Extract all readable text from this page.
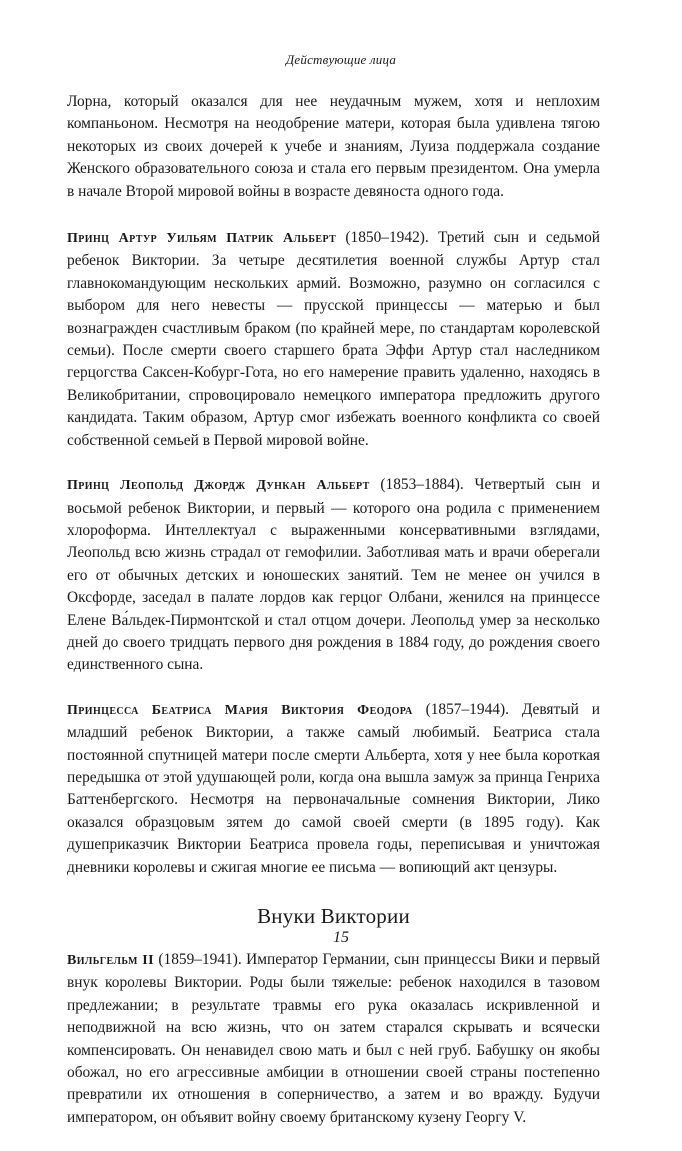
Действующие лица

Лорна, который оказался для нее неудачным мужем, хотя и неплохим компаньоном. Несмотря на неодобрение матери, которая была удивлена тягою некоторых из своих дочерей к учебе и знаниям, Луиза поддержала создание Женского образовательного союза и стала его первым президентом. Она умерла в начале Второй мировой войны в возрасте девяноста одного года.

Принц Артур Уильям Патрик Альберт (1850–1942). Третий сын и седьмой ребенок Виктории. За четыре десятилетия военной службы Артур стал главнокомандующим нескольких армий. Возможно, разумно он согласился с выбором для него невесты — прусской принцессы — матерью и был вознагражден счастливым браком (по крайней мере, по стандартам королевской семьи). После смерти своего старшего брата Эффи Артур стал наследником герцогства Саксен-Кобург-Гота, но его намерение править удаленно, находясь в Великобритании, спровоцировало немецкого императора предложить другого кандидата. Таким образом, Артур смог избежать военного конфликта со своей собственной семьей в Первой мировой войне.

Принц Леопольд Джордж Дункан Альберт (1853–1884). Четвертый сын и восьмой ребенок Виктории, и первый — которого она родила с применением хлороформа. Интеллектуал с выраженными консервативными взглядами, Леопольд всю жизнь страдал от гемофилии. Заботливая мать и врачи оберегали его от обычных детских и юношеских занятий. Тем не менее он учился в Оксфорде, заседал в палате лордов как герцог Олбани, женился на принцессе Елене Ва́льдек-Пирмонтской и стал отцом дочери. Леопольд умер за несколько дней до своего тридцать первого дня рождения в 1884 году, до рождения своего единственного сына.

Принцесса Беатриса Мария Виктория Феодора (1857–1944). Девятый и младший ребенок Виктории, а также самый любимый. Беатриса стала постоянной спутницей матери после смерти Альберта, хотя у нее была короткая передышка от этой удушающей роли, когда она вышла замуж за принца Генриха Баттенбергского. Несмотря на первоначальные сомнения Виктории, Лико оказался образцовым зятем до самой своей смерти (в 1895 году). Как душеприказчик Виктории Беатриса провела годы, переписывая и уничтожая дневники королевы и сжигая многие ее письма — вопиющий акт цензуры.

Внуки Виктории

Вильгельм II (1859–1941). Император Германии, сын принцессы Вики и первый внук королевы Виктории. Роды были тяжелые: ребенок находился в тазовом предлежании; в результате травмы его рука оказалась искривленной и неподвижной на всю жизнь, что он затем старался скрывать и всячески компенсировать. Он ненавидел свою мать и был с ней груб. Бабушку он якобы обожал, но его агрессивные амбиции в отношении своей страны постепенно превратили их отношения в соперничество, а затем и во вражду. Будучи императором, он объявит войну своему британскому кузену Георгу V.

15
